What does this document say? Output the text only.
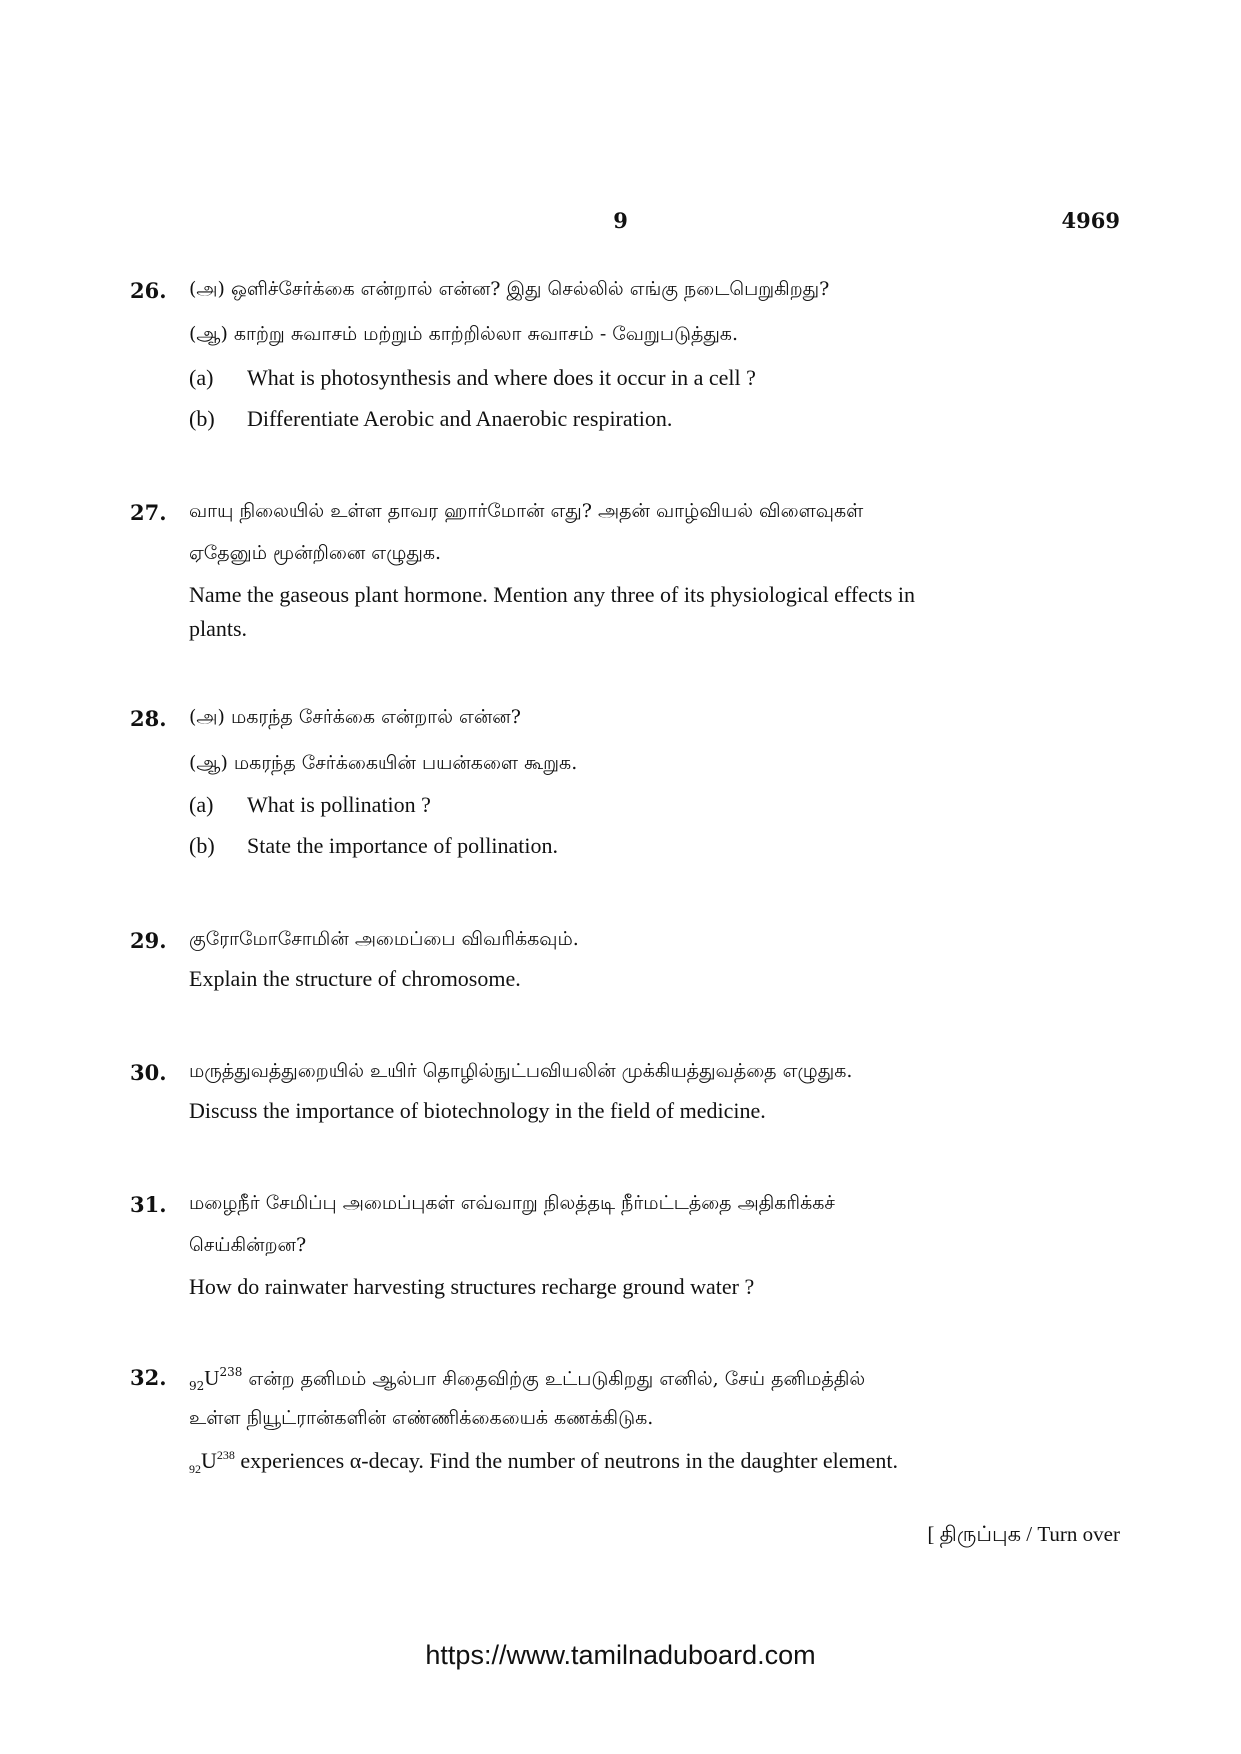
9	4969
26. (அ) ஒளிச்சேர்க்கை என்றால் என்ன? இது செல்லில் எங்கு நடைபெறுகிறது?
(ஆ) காற்று சுவாசம் மற்றும் காற்றில்லா சுவாசம் - வேறுபடுத்துக.
(a) What is photosynthesis and where does it occur in a cell ?
(b) Differentiate Aerobic and Anaerobic respiration.
27. வாயு நிலையில் உள்ள தாவர ஹார்மோன் எது? அதன் வாழ்வியல் விளைவுகள்
ஏதேனும் மூன்றினை எழுதுக.
Name the gaseous plant hormone. Mention any three of its physiological effects in
plants.
28. (அ) மகரந்த சேர்க்கை என்றால் என்ன?
(ஆ) மகரந்த சேர்க்கையின் பயன்களை கூறுக.
(a) What is pollination ?
(b) State the importance of pollination.
29. குரோமோசோமின் அமைப்பை விவரிக்கவும்.
Explain the structure of chromosome.
30. மருத்துவத்துறையில் உயிர் தொழில்நுட்பவியலின் முக்கியத்துவத்தை எழுதுக.
Discuss the importance of biotechnology in the field of medicine.
31. மழைநீர் சேமிப்பு அமைப்புகள் எவ்வாறு நிலத்தடி நீர்மட்டத்தை அதிகரிக்கச்
செய்கின்றன?
How do rainwater harvesting structures recharge ground water ?
32. $_{92}U^{238}$ என்ற தனிமம் ஆல்பா சிதைவிற்கு உட்படுகிறது எனில், சேய் தனிமத்தில்
உள்ள நியூட்ரான்களின் எண்ணிக்கையைக் கணக்கிடுக.
$_{92}U^{238}$ experiences α-decay. Find the number of neutrons in the daughter element.
[ திருப்புக / Turn over
https://www.tamilnaduboard.com
